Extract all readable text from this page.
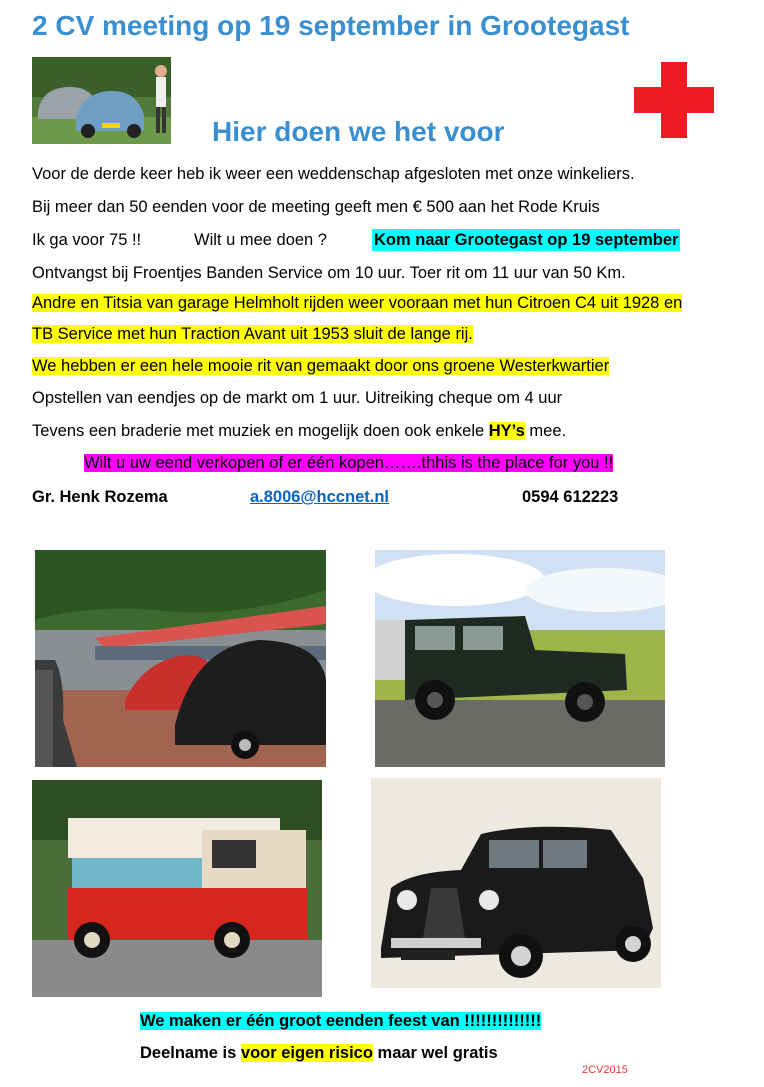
2 CV meeting op 19 september in Grootegast
Hier doen we het voor
Voor de derde keer heb ik weer een weddenschap afgesloten met onze winkeliers.
Bij meer dan 50 eenden voor de meeting geeft men € 500 aan het Rode Kruis
Ik ga voor 75 !!	Wilt u mee doen ?	Kom naar Grootegast op 19 september
Ontvangst bij Froentjes Banden Service om 10 uur. Toer rit om 11 uur van 50 Km.
Andre en Titsia van garage Helmholt rijden weer vooraan met hun Citroen C4 uit 1928 en
TB Service met hun Traction Avant uit 1953 sluit de lange rij.
We hebben er een hele mooie rit van gemaakt door ons groene Westerkwartier
Opstellen van eendjes op de markt om 1 uur. Uitreiking cheque om 4 uur
Tevens een braderie met muziek en mogelijk doen ook enkele HY’s mee.
Wilt u uw eend verkopen of er één kopen…….thhis is the place for you !!
Gr. Henk Rozema	a.8006@hccnet.nl	0594 612223
We maken er één groot eenden feest van !!!!!!!!!!!!!!
Deelname is voor eigen risico maar wel gratis
2CV2015
